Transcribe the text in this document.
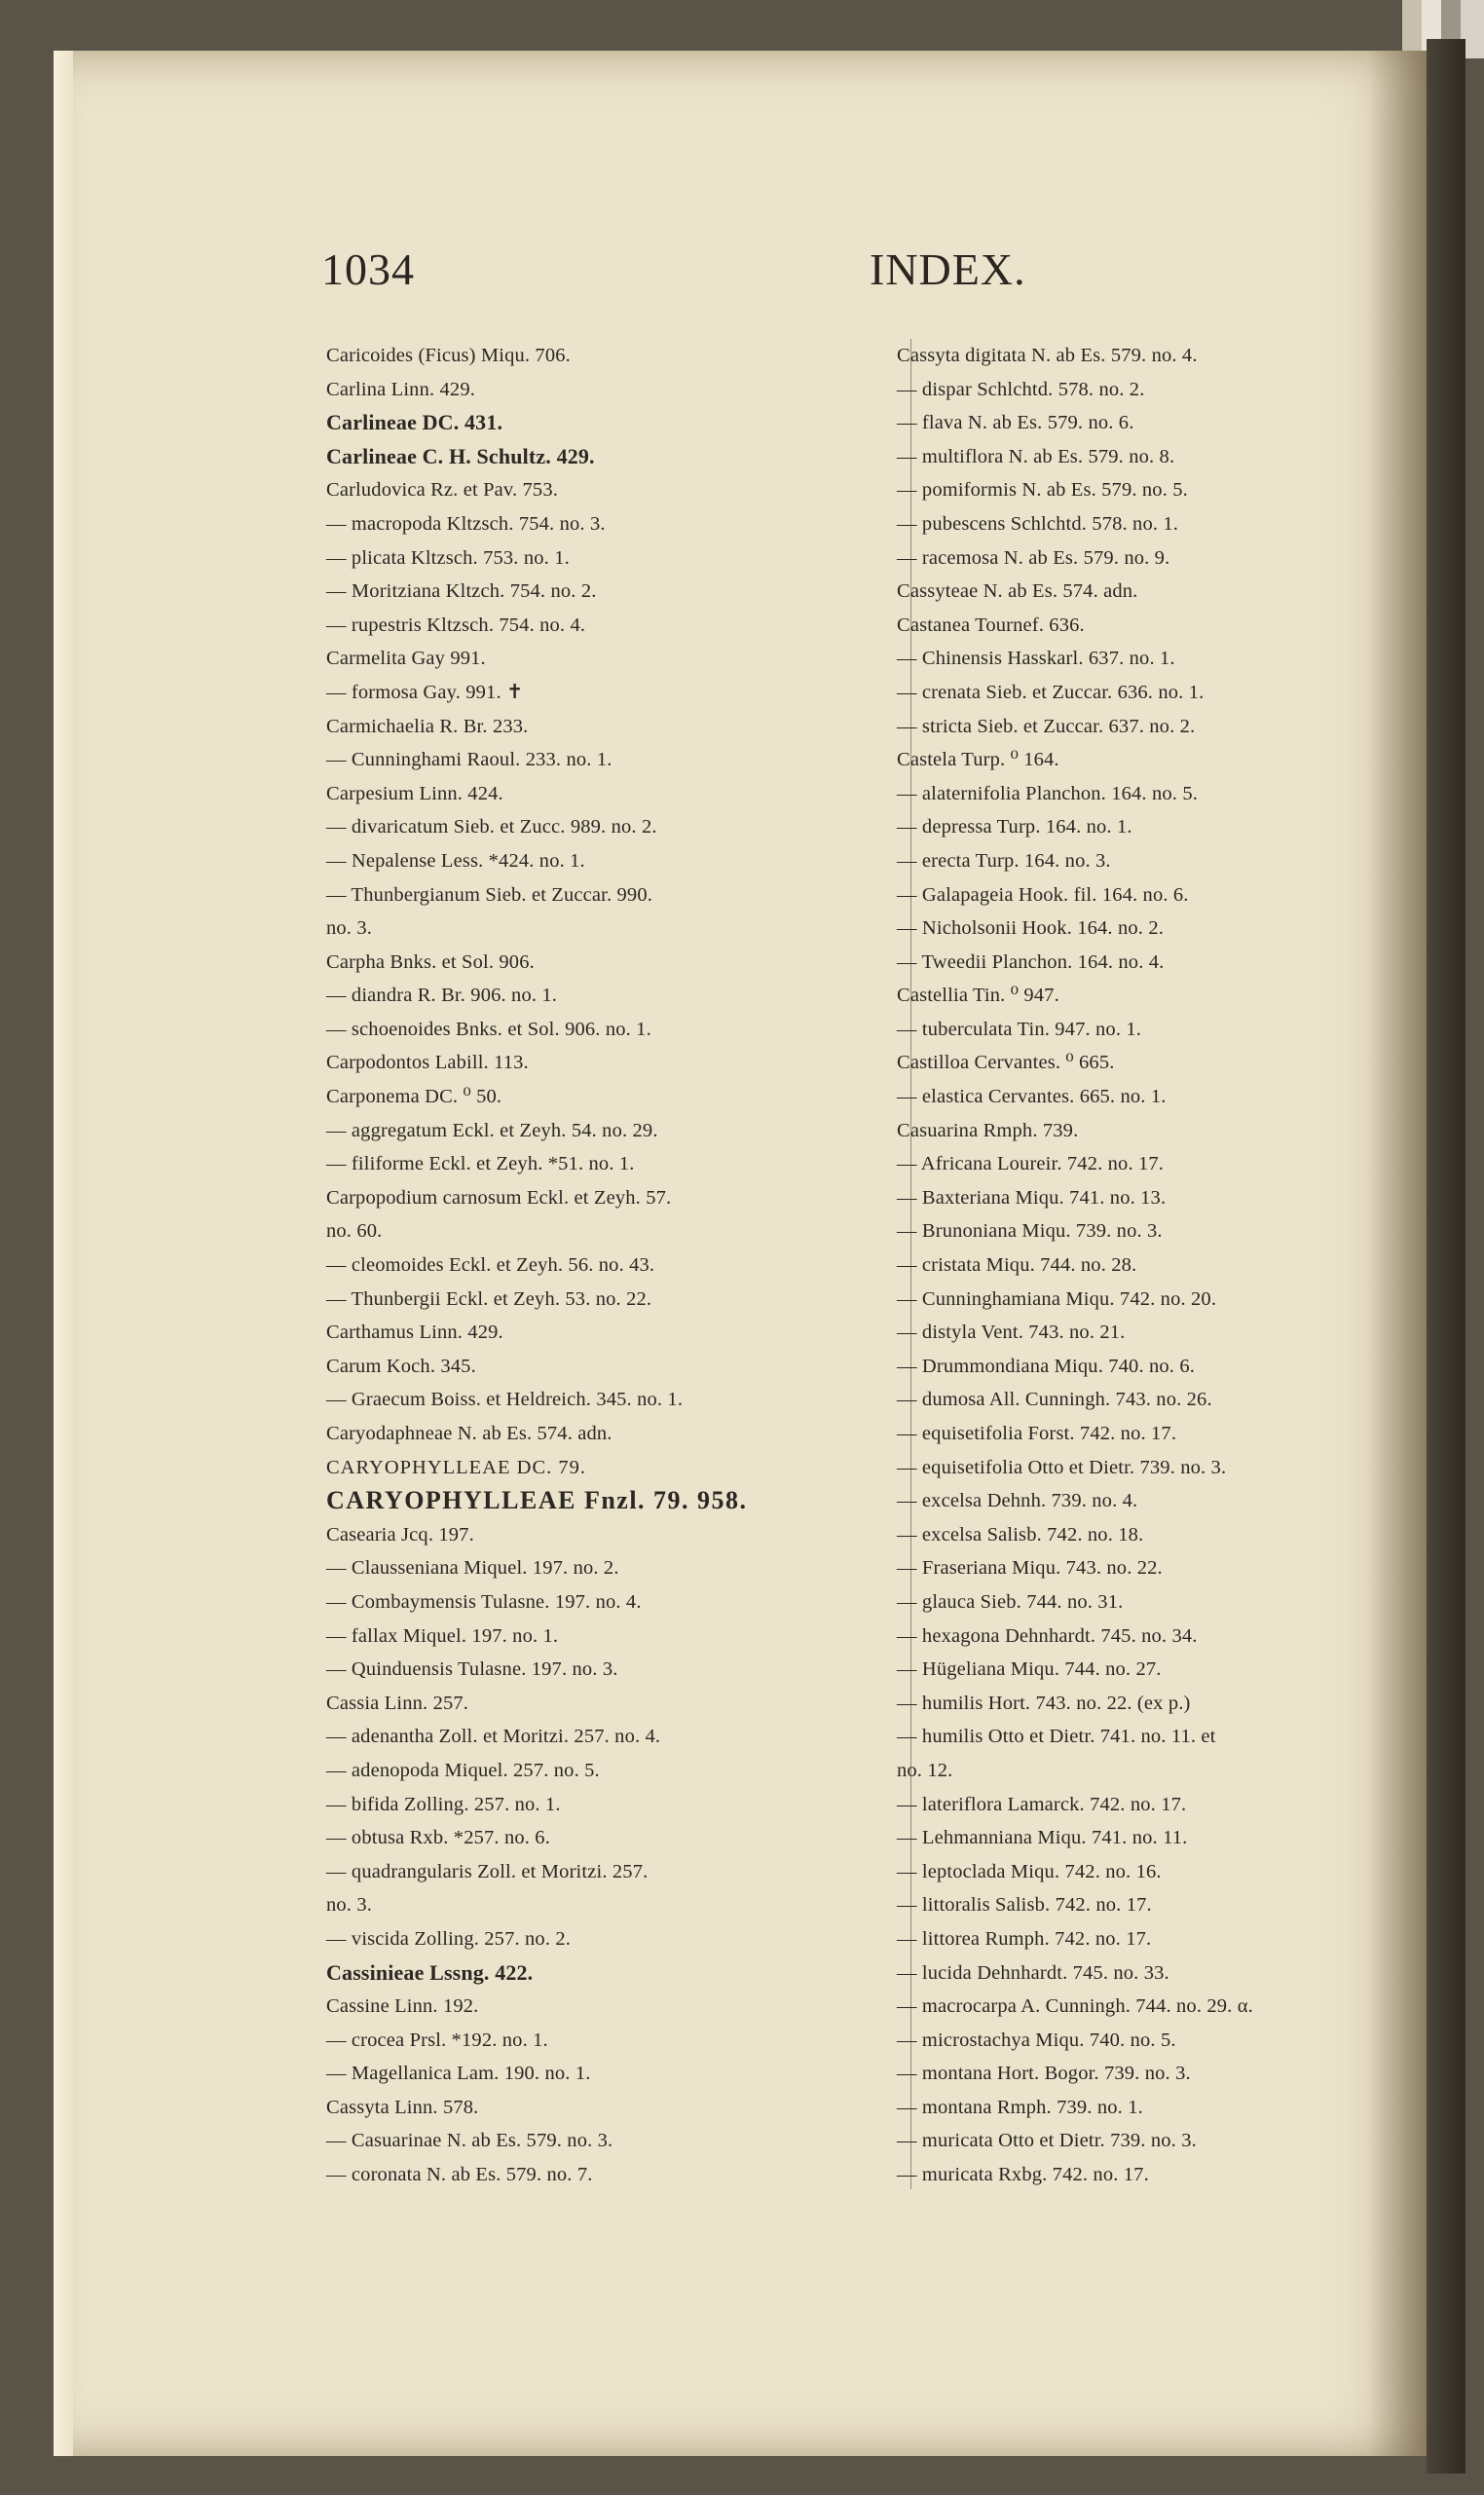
1034	INDEX.
Caricoides (Ficus) Miqu. 706.
Carlina Linn. 429.
Carlineae DC. 431.
Carlineae C. H. Schultz. 429.
Carludovica Rz. et Pav. 753.
— macropoda Kltzsch. 754. no. 3.
— plicata Kltzsch. 753. no. 1.
— Moritziana Kltzch. 754. no. 2.
— rupestris Kltzsch. 754. no. 4.
Carmelita Gay 991.
— formosa Gay. 991. ✝
Carmichaelia R. Br. 233.
— Cunninghami Raoul. 233. no. 1.
Carpesium Linn. 424.
— divaricatum Sieb. et Zucc. 989. no. 2.
— Nepalense Less. *424. no. 1.
— Thunbergianum Sieb. et Zuccar. 990.
no. 3.
Carpha Bnks. et Sol. 906.
— diandra R. Br. 906. no. 1.
— schoenoides Bnks. et Sol. 906. no. 1.
Carpodontos Labill. 113.
Carponema DC. ⁰ 50.
— aggregatum Eckl. et Zeyh. 54. no. 29.
— filiforme Eckl. et Zeyh. *51. no. 1.
Carpopodium carnosum Eckl. et Zeyh. 57.
no. 60.
— cleomoides Eckl. et Zeyh. 56. no. 43.
— Thunbergii Eckl. et Zeyh. 53. no. 22.
Carthamus Linn. 429.
Carum Koch. 345.
— Graecum Boiss. et Heldreich. 345. no. 1.
Caryodaphneae N. ab Es. 574. adn.
CARYOPHYLLEAE DC. 79.
CARYOPHYLLEAE Fnzl. 79. 958.
Casearia Jcq. 197.
— Clausseniana Miquel. 197. no. 2.
— Combaymensis Tulasne. 197. no. 4.
— fallax Miquel. 197. no. 1.
— Quinduensis Tulasne. 197. no. 3.
Cassia Linn. 257.
— adenantha Zoll. et Moritzi. 257. no. 4.
— adenopoda Miquel. 257. no. 5.
— bifida Zolling. 257. no. 1.
— obtusa Rxb. *257. no. 6.
— quadrangularis Zoll. et Moritzi. 257.
no. 3.
— viscida Zolling. 257. no. 2.
Cassinieae Lssng. 422.
Cassine Linn. 192.
— crocea Prsl. *192. no. 1.
— Magellanica Lam. 190. no. 1.
Cassyta Linn. 578.
— Casuarinae N. ab Es. 579. no. 3.
— coronata N. ab Es. 579. no. 7.
Cassyta digitata N. ab Es. 579. no. 4.
— dispar Schlchtd. 578. no. 2.
— flava N. ab Es. 579. no. 6.
— multiflora N. ab Es. 579. no. 8.
— pomiformis N. ab Es. 579. no. 5.
— pubescens Schlchtd. 578. no. 1.
— racemosa N. ab Es. 579. no. 9.
Cassyteae N. ab Es. 574. adn.
Castanea Tournef. 636.
— Chinensis Hasskarl. 637. no. 1.
— crenata Sieb. et Zuccar. 636. no. 1.
— stricta Sieb. et Zuccar. 637. no. 2.
Castela Turp. ⁰ 164.
— alaternifolia Planchon. 164. no. 5.
— depressa Turp. 164. no. 1.
— erecta Turp. 164. no. 3.
— Galapageia Hook. fil. 164. no. 6.
— Nicholsonii Hook. 164. no. 2.
— Tweedii Planchon. 164. no. 4.
Castellia Tin. ⁰ 947.
— tuberculata Tin. 947. no. 1.
Castilloa Cervantes. ⁰ 665.
— elastica Cervantes. 665. no. 1.
Casuarina Rmph. 739.
— Africana Loureir. 742. no. 17.
— Baxteriana Miqu. 741. no. 13.
— Brunoniana Miqu. 739. no. 3.
— cristata Miqu. 744. no. 28.
— Cunninghamiana Miqu. 742. no. 20.
— distyla Vent. 743. no. 21.
— Drummondiana Miqu. 740. no. 6.
— dumosa All. Cunningh. 743. no. 26.
— equisetifolia Forst. 742. no. 17.
— equisetifolia Otto et Dietr. 739. no. 3.
— excelsa Dehnh. 739. no. 4.
— excelsa Salisb. 742. no. 18.
— Fraseriana Miqu. 743. no. 22.
— glauca Sieb. 744. no. 31.
— hexagona Dehnhardt. 745. no. 34.
— Hügeliana Miqu. 744. no. 27.
— humilis Hort. 743. no. 22. (ex p.)
— humilis Otto et Dietr. 741. no. 11. et
no. 12.
— lateriflora Lamarck. 742. no. 17.
— Lehmanniana Miqu. 741. no. 11.
— leptoclada Miqu. 742. no. 16.
— littoralis Salisb. 742. no. 17.
— littorea Rumph. 742. no. 17.
— lucida Dehnhardt. 745. no. 33.
— macrocarpa A. Cunningh. 744. no. 29. α.
— microstachya Miqu. 740. no. 5.
— montana Hort. Bogor. 739. no. 3.
— montana Rmph. 739. no. 1.
— muricata Otto et Dietr. 739. no. 3.
— muricata Rxbg. 742. no. 17.
